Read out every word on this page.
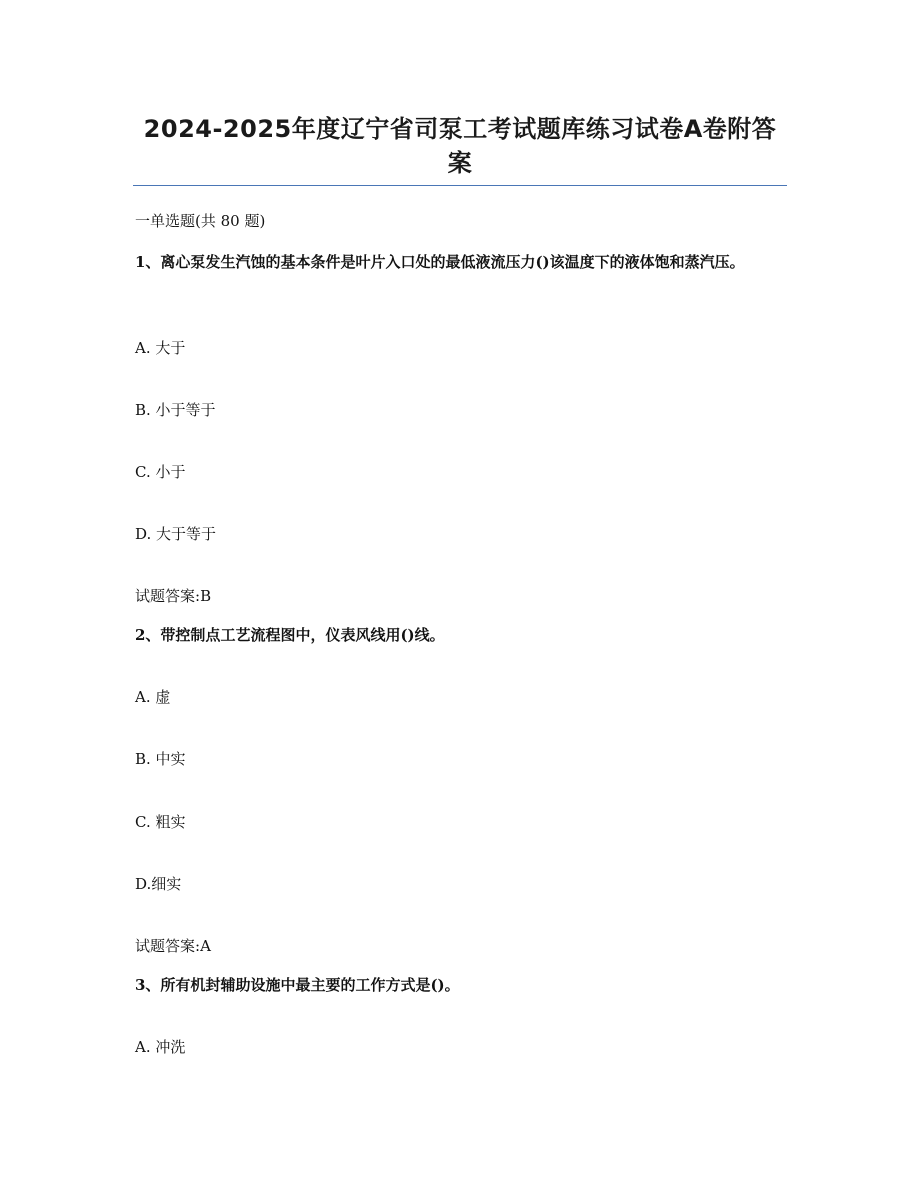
2024-2025年度辽宁省司泵工考试题库练习试卷A卷附答案
一单选题(共 80 题)
1、离心泵发生汽蚀的基本条件是叶片入口处的最低液流压力()该温度下的液体饱和蒸汽压。
A. 大于
B. 小于等于
C. 小于
D. 大于等于
试题答案:B
2、带控制点工艺流程图中，仪表风线用()线。
A. 虚
B. 中实
C. 粗实
D.细实
试题答案:A
3、所有机封辅助设施中最主要的工作方式是()。
A. 冲洗
